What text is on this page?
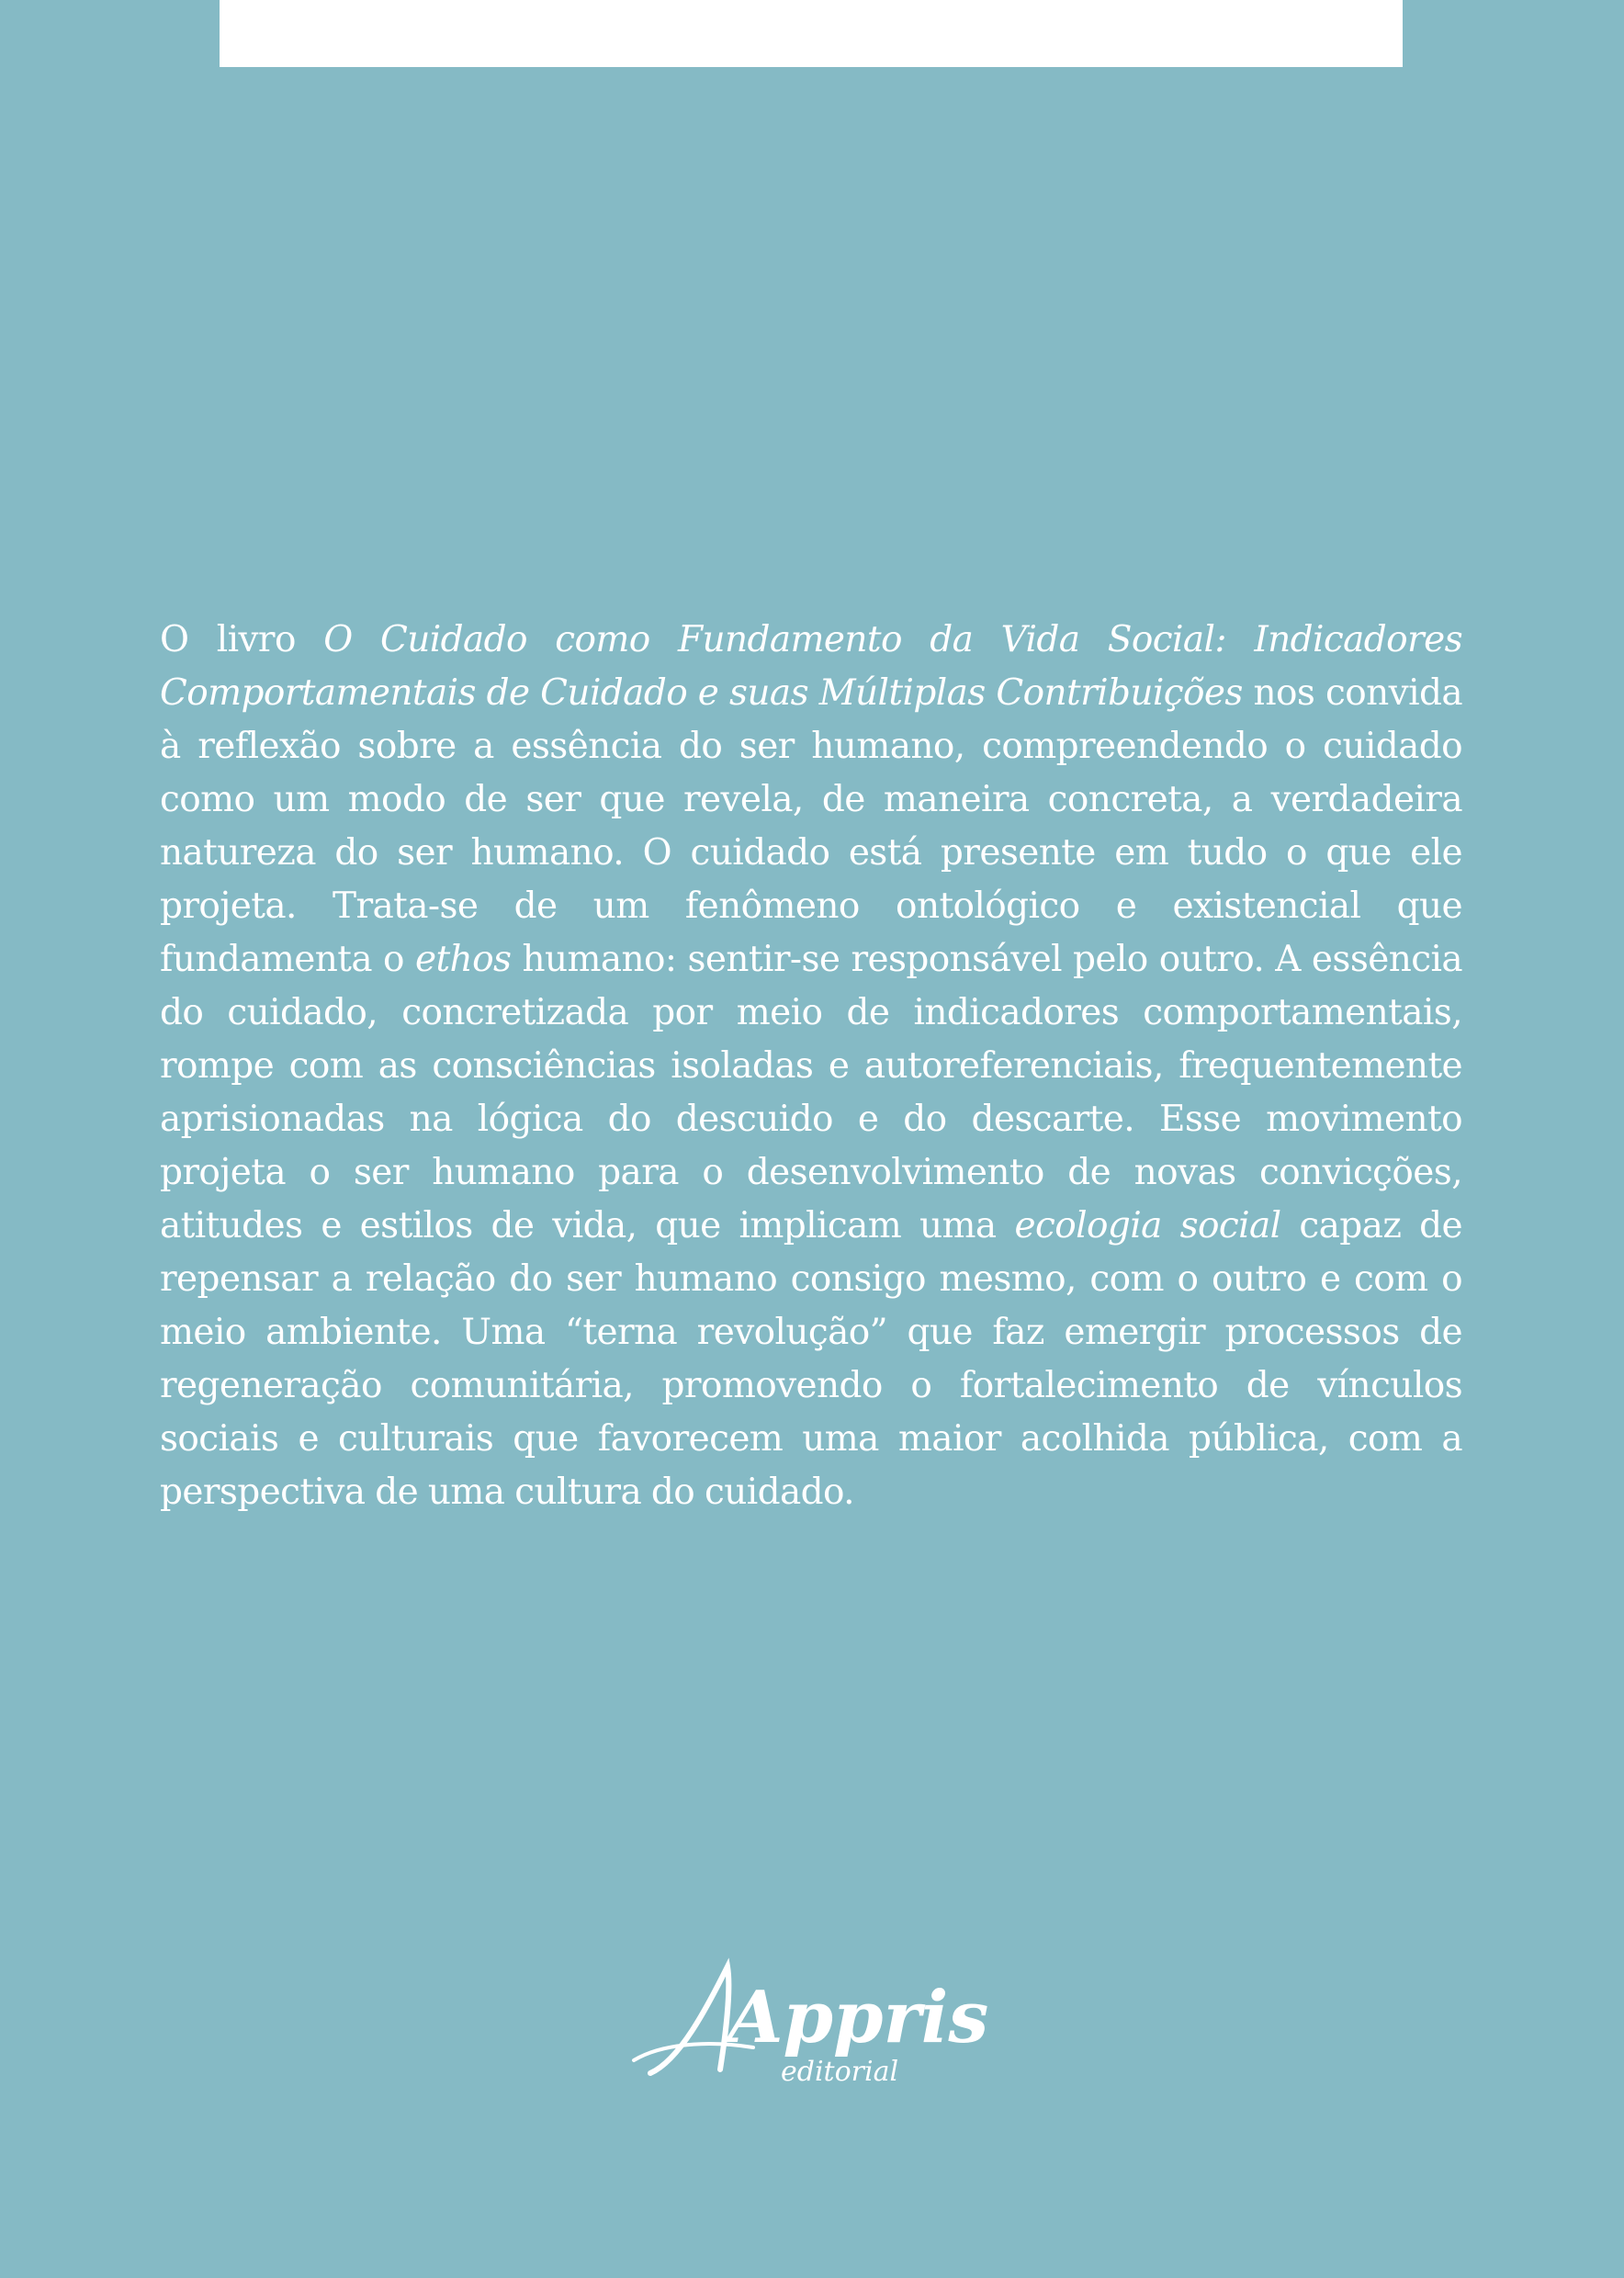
O livro O Cuidado como Fundamento da Vida Social: Indicadores Comportamentais de Cuidado e suas Múltiplas Contribuições nos convida à reflexão sobre a essência do ser humano, compreendendo o cuidado como um modo de ser que revela, de maneira concreta, a verdadeira natureza do ser humano. O cuidado está presente em tudo o que ele projeta. Trata-se de um fenômeno ontológico e existencial que fundamenta o ethos humano: sentir-se responsável pelo outro. A essência do cuidado, concretizada por meio de indicadores comportamentais, rompe com as consciências isoladas e autoreferenciais, frequentemente aprisionadas na lógica do descuido e do descarte. Esse movimento projeta o ser humano para o desenvolvimento de novas convicções, atitudes e estilos de vida, que implicam uma ecologia social capaz de repensar a relação do ser humano consigo mesmo, com o outro e com o meio ambiente. Uma “terna revolução” que faz emergir processos de regeneração comunitária, promovendo o fortalecimento de vínculos sociais e culturais que favorecem uma maior acolhida pública, com a perspectiva de uma cultura do cuidado.

Appris
editorial
